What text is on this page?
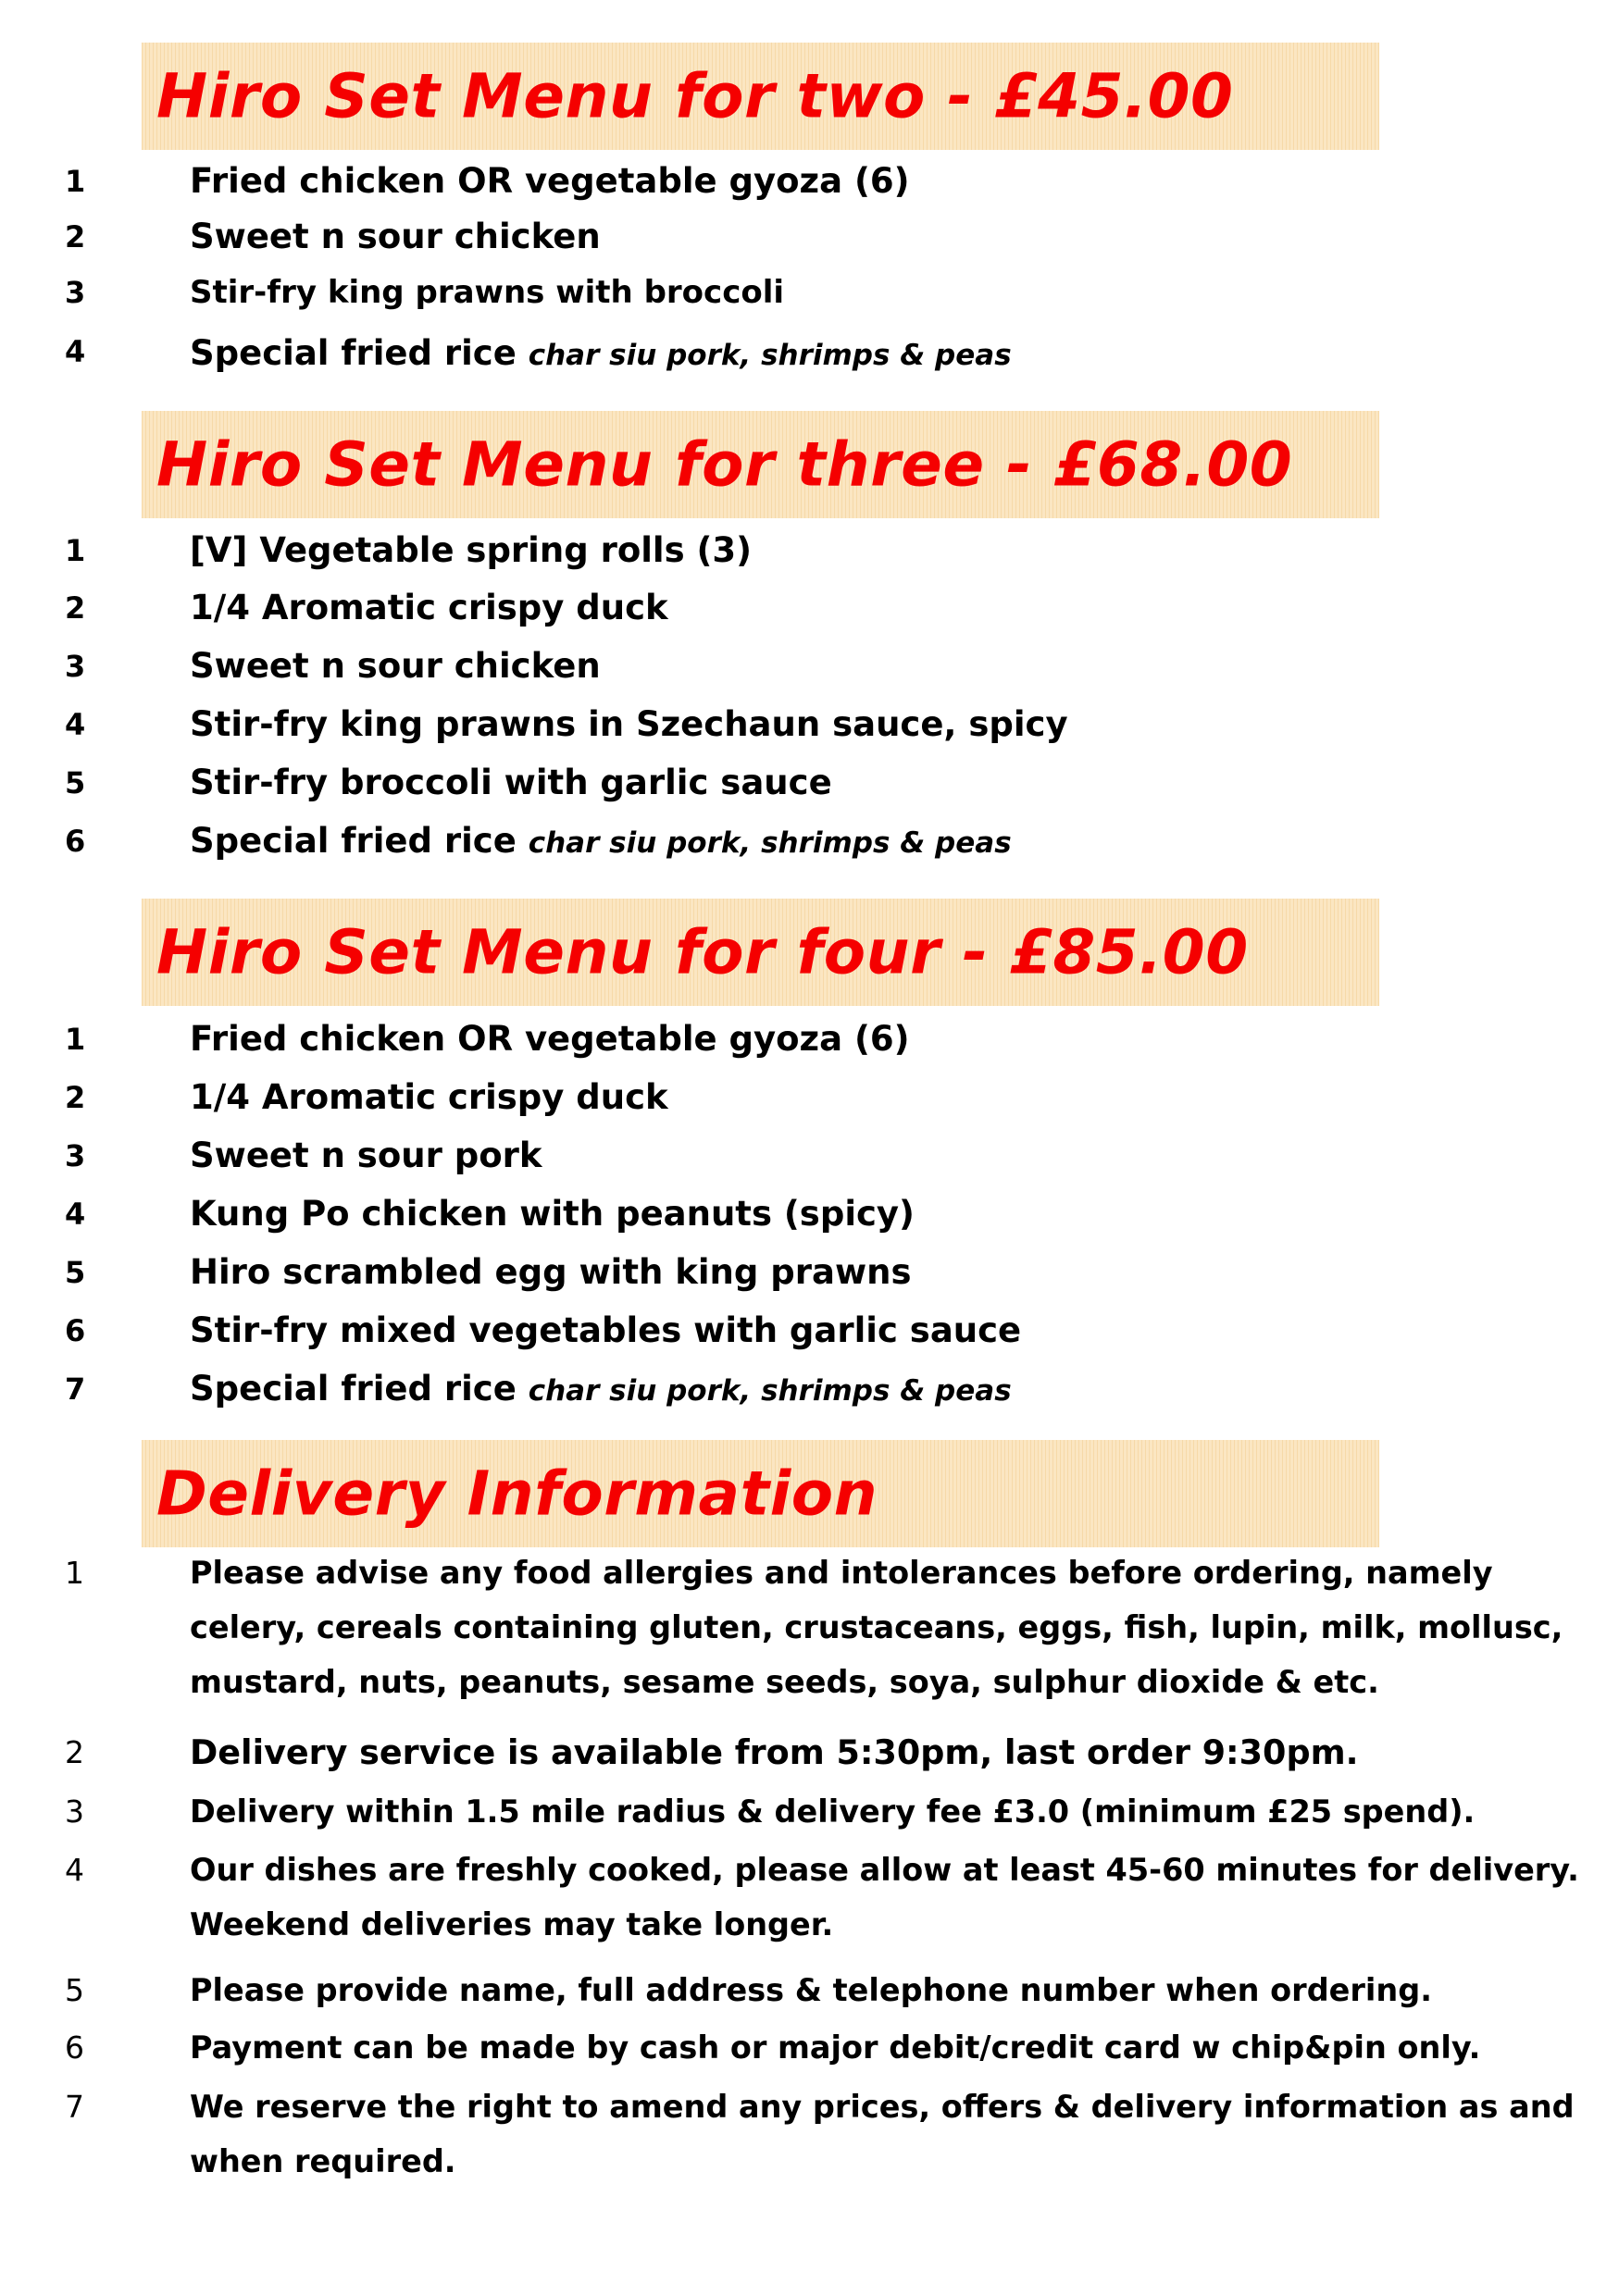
Hiro Set Menu for two - £45.00
1	Fried chicken OR vegetable gyoza (6)
2	Sweet n sour chicken
3	Stir-fry king prawns with broccoli
4	Special fried rice char siu pork, shrimps & peas
Hiro Set Menu for three - £68.00
1	[V] Vegetable spring rolls (3)
2	1/4 Aromatic crispy duck
3	Sweet n sour chicken
4	Stir-fry king prawns in Szechaun sauce, spicy
5	Stir-fry broccoli with garlic sauce
6	Special fried rice char siu pork, shrimps & peas
Hiro Set Menu for four - £85.00
1	Fried chicken OR vegetable gyoza (6)
2	1/4 Aromatic crispy duck
3	Sweet n sour pork
4	Kung Po chicken with peanuts (spicy)
5	Hiro scrambled egg with king prawns
6	Stir-fry mixed vegetables with garlic sauce
7	Special fried rice char siu pork, shrimps & peas
Delivery Information
1	Please advise any food allergies and intolerances before ordering, namely celery, cereals containing gluten, crustaceans, eggs, fish, lupin, milk, mollusc, mustard, nuts, peanuts, sesame seeds, soya, sulphur dioxide & etc.
2	Delivery service is available from 5:30pm, last order 9:30pm.
3	Delivery within 1.5 mile radius & delivery fee £3.0 (minimum £25 spend).
4	Our dishes are freshly cooked, please allow at least 45-60 minutes for delivery. Weekend deliveries may take longer.
5	Please provide name, full address & telephone number when ordering.
6	Payment can be made by cash or major debit/credit card w chip&pin only.
7	We reserve the right to amend any prices, offers & delivery information as and when required.
